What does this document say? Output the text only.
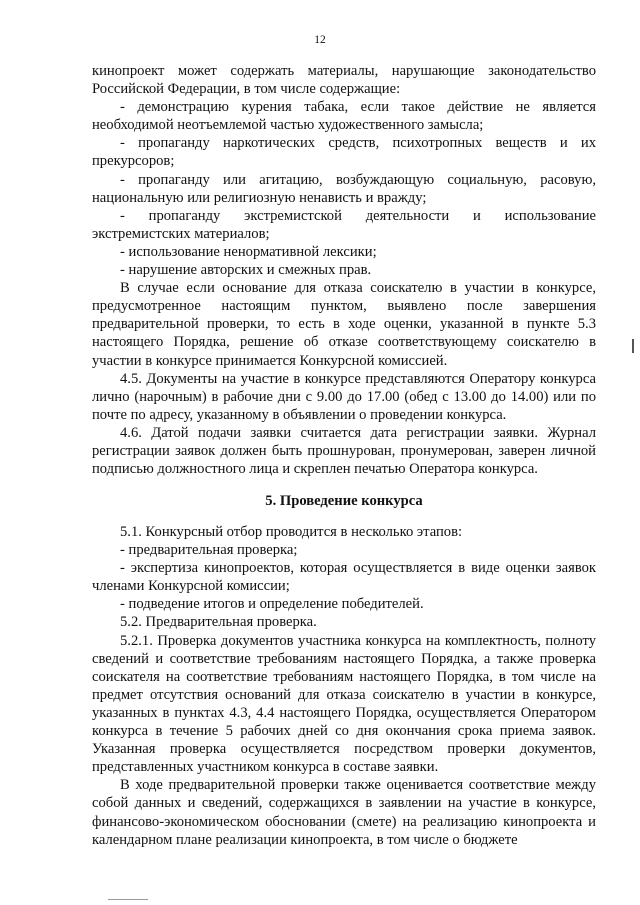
12

кинопроект может содержать материалы, нарушающие законодательство Российской Федерации, в том числе содержащие:

- демонстрацию курения табака, если такое действие не является необходимой неотъемлемой частью художественного замысла;

- пропаганду наркотических средств, психотропных веществ и их прекурсоров;

- пропаганду или агитацию, возбуждающую социальную, расовую, национальную или религиозную ненависть и вражду;

- пропаганду экстремистской деятельности и использование экстремистских материалов;

- использование ненормативной лексики;

- нарушение авторских и смежных прав.

В случае если основание для отказа соискателю в участии в конкурсе, предусмотренное настоящим пунктом, выявлено после завершения предварительной проверки, то есть в ходе оценки, указанной в пункте 5.3 настоящего Порядка, решение об отказе соответствующему соискателю в участии в конкурсе принимается Конкурсной комиссией.

4.5. Документы на участие в конкурсе представляются Оператору конкурса лично (нарочным) в рабочие дни с 9.00 до 17.00 (обед с 13.00 до 14.00) или по почте по адресу, указанному в объявлении о проведении конкурса.

4.6. Датой подачи заявки считается дата регистрации заявки. Журнал регистрации заявок должен быть прошнурован, пронумерован, заверен личной подписью должностного лица и скреплен печатью Оператора конкурса.

5. Проведение конкурса

5.1. Конкурсный отбор проводится в несколько этапов:

- предварительная проверка;

- экспертиза кинопроектов, которая осуществляется в виде оценки заявок членами Конкурсной комиссии;

- подведение итогов и определение победителей.

5.2. Предварительная проверка.

5.2.1. Проверка документов участника конкурса на комплектность, полноту сведений и соответствие требованиям настоящего Порядка, а также проверка соискателя на соответствие требованиям настоящего Порядка, в том числе на предмет отсутствия оснований для отказа соискателю в участии в конкурсе, указанных в пунктах 4.3, 4.4 настоящего Порядка, осуществляется Оператором конкурса в течение 5 рабочих дней со дня окончания срока приема заявок. Указанная проверка осуществляется посредством проверки документов, представленных участником конкурса в составе заявки.

В ходе предварительной проверки также оценивается соответствие между собой данных и сведений, содержащихся в заявлении на участие в конкурсе, финансово-экономическом обосновании (смете) на реализацию кинопроекта и календарном плане реализации кинопроекта, в том числе о бюджете
